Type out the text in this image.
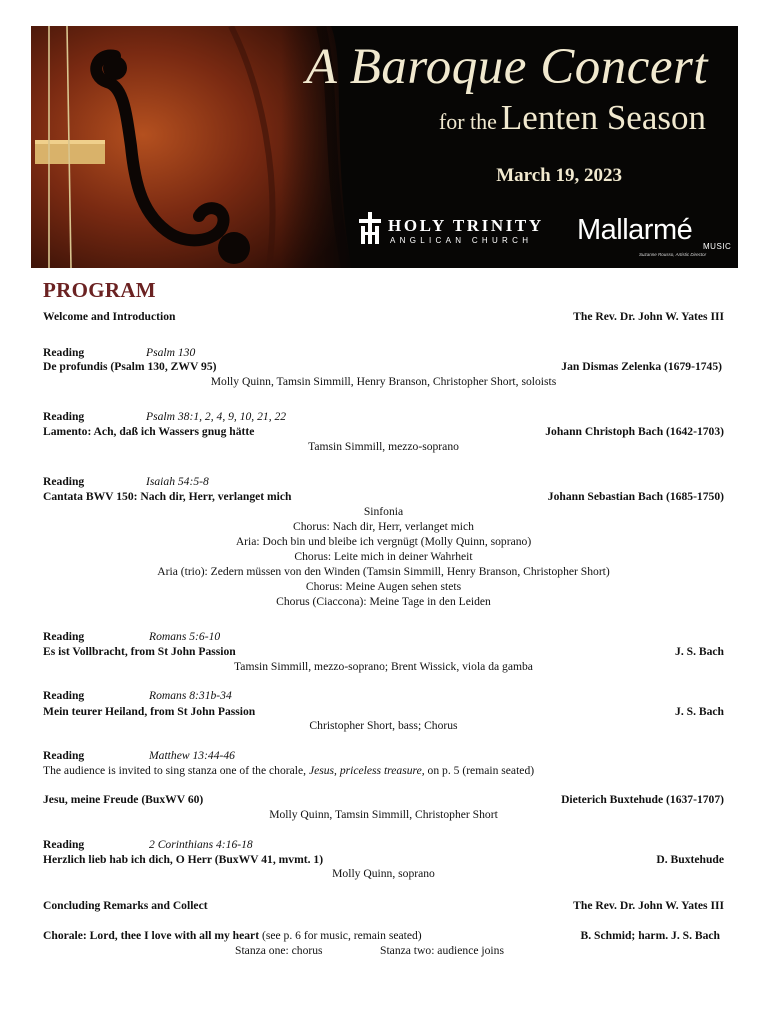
A Baroque Concert
for the Lenten Season
March 19, 2023
HOLY TRINITY
ANGLICAN CHURCH Mallarmé
MUSIC
Suzanne Rousso, Artistic Director
PROGRAM
Welcome and Introduction	The Rev. Dr. John W. Yates III
Reading	Psalm 130
De profundis (Psalm 130, ZWV 95)	Jan Dismas Zelenka (1679-1745)
Molly Quinn, Tamsin Simmill, Henry Branson, Christopher Short, soloists
Reading	Psalm 38:1, 2, 4, 9, 10, 21, 22
Lamento: Ach, daß ich Wassers gnug hätte	Johann Christoph Bach (1642-1703)
Tamsin Simmill, mezzo-soprano
Reading	Isaiah 54:5-8
Cantata BWV 150: Nach dir, Herr, verlanget mich	Johann Sebastian Bach (1685-1750)
Sinfonia
Chorus: Nach dir, Herr, verlanget mich
Aria: Doch bin und bleibe ich vergnügt (Molly Quinn, soprano)
Chorus: Leite mich in deiner Wahrheit
Aria (trio): Zedern müssen von den Winden (Tamsin Simmill, Henry Branson, Christopher Short)
Chorus: Meine Augen sehen stets
Chorus (Ciaccona): Meine Tage in den Leiden
Reading	Romans 5:6-10
Es ist Vollbracht, from St John Passion	J. S. Bach
Tamsin Simmill, mezzo-soprano; Brent Wissick, viola da gamba
Reading	Romans 8:31b-34
Mein teurer Heiland, from St John Passion	J. S. Bach
Christopher Short, bass; Chorus
Reading	Matthew 13:44-46
The audience is invited to sing stanza one of the chorale, Jesus, priceless treasure, on p. 5 (remain seated)
Jesu, meine Freude (BuxWV 60)	Dieterich Buxtehude (1637-1707)
Molly Quinn, Tamsin Simmill, Christopher Short
Reading	2 Corinthians 4:16-18
Herzlich lieb hab ich dich, O Herr (BuxWV 41, mvmt. 1)	D. Buxtehude
Molly Quinn, soprano
Concluding Remarks and Collect	The Rev. Dr. John W. Yates III
Chorale: Lord, thee I love with all my heart (see p. 6 for music, remain seated)	B. Schmid; harm. J. S. Bach
Stanza one: chorus	Stanza two: audience joins
